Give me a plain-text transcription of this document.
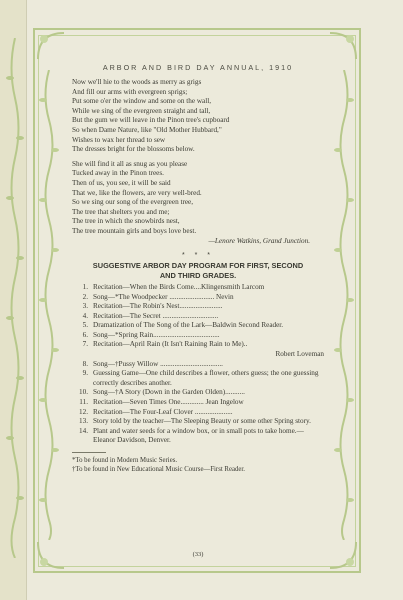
ARBOR AND BIRD DAY ANNUAL, 1910
Now we'll hie to the woods as merry as grigs
And fill our arms with evergreen sprigs;
Put some o'er the window and some on the wall,
While we sing of the evergreen straight and tall,
But the gum we will leave in the Pinon tree's cupboard
So when Dame Nature, like "Old Mother Hubbard,"
Wishes to wax her thread to sew
The dresses bright for the blossoms below.
She will find it all as snug as you please
Tucked away in the Pinon trees.
Then of us, you see, it will be said
That we, like the flowers, are very well-bred.
So we sing our song of the evergreen tree,
The tree that shelters you and me;
The tree in which the snowbirds nest,
The tree mountain girls and boys love best.
—Lenore Watkins, Grand Junction.
* * *
SUGGESTIVE ARBOR DAY PROGRAM FOR FIRST, SECOND
AND THIRD GRADES.
1. Recitation—When the Birds Come....Klingensmith Larcom
2. Song—*The Woodpecker ......................... Nevin
3. Recitation—The Robin's Nest........................
4. Recitation—The Secret ...............................
5. Dramatization of The Song of the Lark—Baldwin Second Reader.
6. Song—*Spring Rain.....................................
7. Recitation—April Rain (It Isn't Raining Rain to Me)..
Robert Loveman
8. Song—†Pussy Willow ...................................
9. Guessing Game—One child describes a flower, others guess; the one guessing correctly describes another.
10. Song—†A Story (Down in the Garden Olden)...........
11. Recitation—Seven Times One............. Jean Ingelow
12. Recitation—The Four-Leaf Clover .....................
13. Story told by the teacher—The Sleeping Beauty or some other Spring story.
14. Plant and water seeds for a window box, or in small pots to take home.—Eleanor Davidson, Denver.
*To be found in Modern Music Series.
†To be found in New Educational Music Course—First Reader.
(33)
